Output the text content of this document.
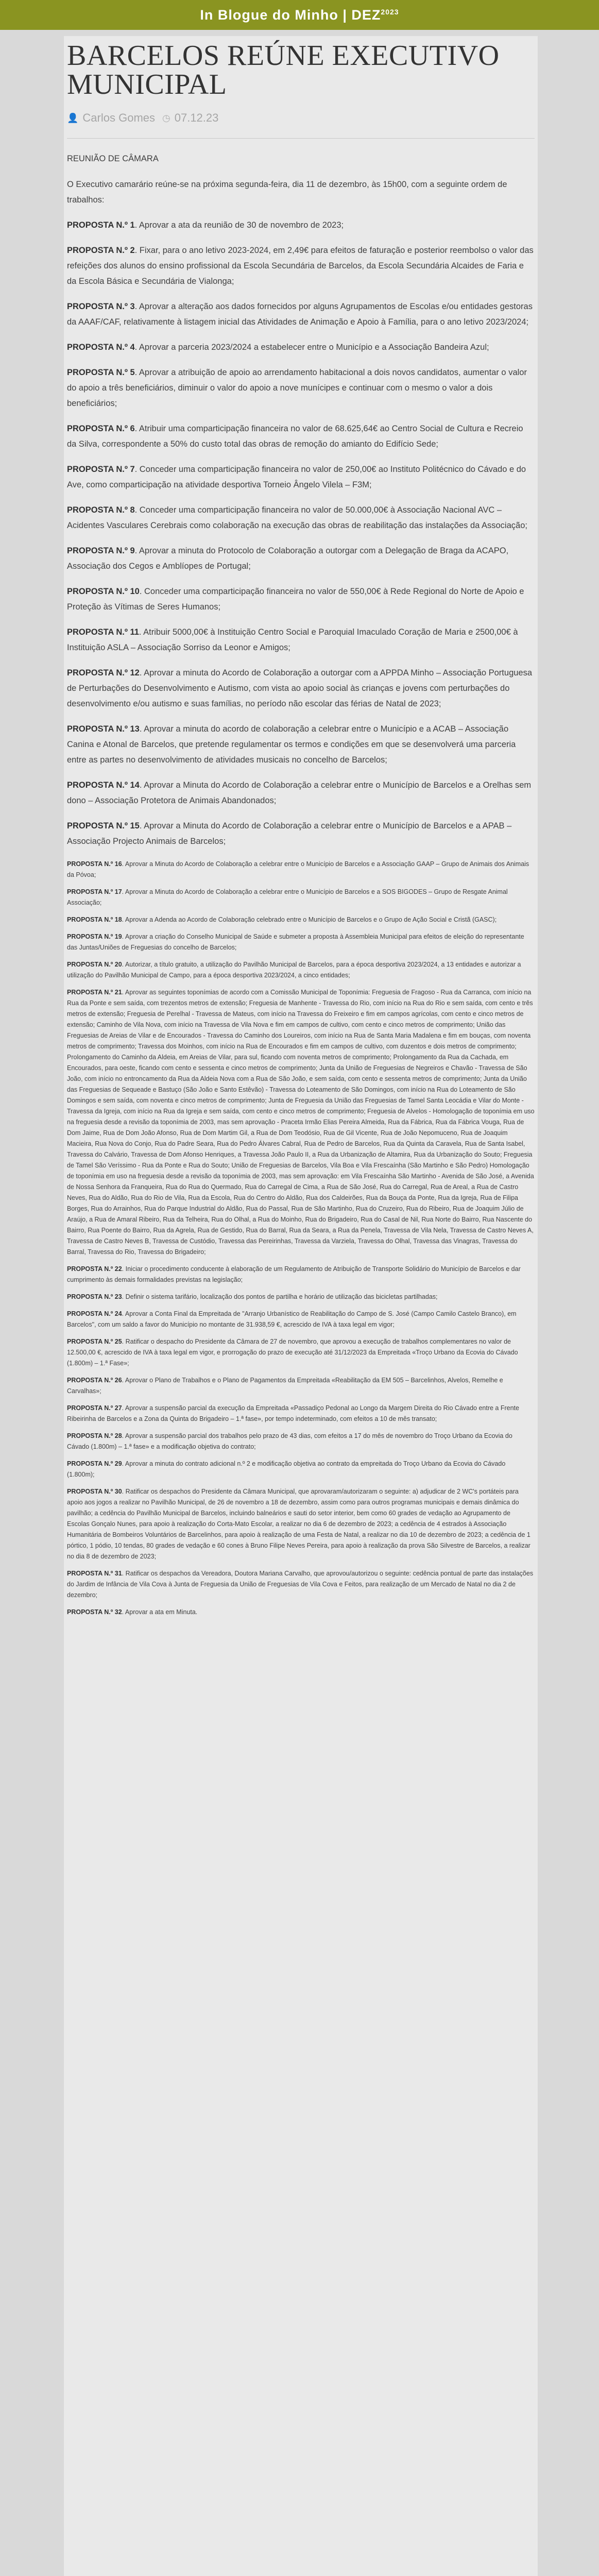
In Blogue do Minho | $DEZ^{2023}$
BARCELOS REÚNE EXECUTIVO MUNICIPAL
👤 Carlos Gomes ◷ 07.12.23

REUNIÃO DE CÂMARA

O Executivo camarário reúne-se na próxima segunda-feira, dia 11 de dezembro, às 15h00, com a seguinte ordem de trabalhos:

PROPOSTA N.º 1. Aprovar a ata da reunião de 30 de novembro de 2023;

PROPOSTA N.º 2. Fixar, para o ano letivo 2023-2024, em 2,49€ para efeitos de faturação e posterior reembolso o valor das refeições dos alunos do ensino profissional da Escola Secundária de Barcelos, da Escola Secundária Alcaides de Faria e da Escola Básica e Secundária de Vialonga;

PROPOSTA N.º 3. Aprovar a alteração aos dados fornecidos por alguns Agrupamentos de Escolas e/ou entidades gestoras da AAAF/CAF, relativamente à listagem inicial das Atividades de Animação e Apoio à Família, para o ano letivo 2023/2024;

PROPOSTA N.º 4. Aprovar a parceria 2023/2024 a estabelecer entre o Município e a Associação Bandeira Azul;

PROPOSTA N.º 5. Aprovar a atribuição de apoio ao arrendamento habitacional a dois novos candidatos, aumentar o valor do apoio a três beneficiários, diminuir o valor do apoio a nove munícipes e continuar com o mesmo o valor a dois beneficiários;

PROPOSTA N.º 6. Atribuir uma comparticipação financeira no valor de 68.625,64€ ao Centro Social de Cultura e Recreio da Silva, correspondente a 50% do custo total das obras de remoção do amianto do Edifício Sede;

PROPOSTA N.º 7. Conceder uma comparticipação financeira no valor de 250,00€ ao Instituto Politécnico do Cávado e do Ave, como comparticipação na atividade desportiva Torneio Ângelo Vilela – F3M;

PROPOSTA N.º 8. Conceder uma comparticipação financeira no valor de 50.000,00€ à Associação Nacional AVC – Acidentes Vasculares Cerebrais como colaboração na execução das obras de reabilitação das instalações da Associação;

PROPOSTA N.º 9. Aprovar a minuta do Protocolo de Colaboração a outorgar com a Delegação de Braga da ACAPO, Associação dos Cegos e Amblíopes de Portugal;

PROPOSTA N.º 10. Conceder uma comparticipação financeira no valor de 550,00€ à Rede Regional do Norte de Apoio e Proteção às Vítimas de Seres Humanos;

PROPOSTA N.º 11. Atribuir 5000,00€ à Instituição Centro Social e Paroquial Imaculado Coração de Maria e 2500,00€ à Instituição ASLA – Associação Sorriso da Leonor e Amigos;

PROPOSTA N.º 12. Aprovar a minuta do Acordo de Colaboração a outorgar com a APPDA Minho – Associação Portuguesa de Perturbações do Desenvolvimento e Autismo, com vista ao apoio social às crianças e jovens com perturbações do desenvolvimento e/ou autismo e suas famílias, no período não escolar das férias de Natal de 2023;

PROPOSTA N.º 13. Aprovar a minuta do acordo de colaboração a celebrar entre o Município e a ACAB – Associação Canina e Atonal de Barcelos, que pretende regulamentar os termos e condições em que se desenvolverá uma parceria entre as partes no desenvolvimento de atividades musicais no concelho de Barcelos;

PROPOSTA N.º 14. Aprovar a Minuta do Acordo de Colaboração a celebrar entre o Município de Barcelos e a Orelhas sem dono – Associação Protetora de Animais Abandonados;

PROPOSTA N.º 15. Aprovar a Minuta do Acordo de Colaboração a celebrar entre o Município de Barcelos e a APAB – Associação Projecto Animais de Barcelos;

PROPOSTA N.º 16. Aprovar a Minuta do Acordo de Colaboração a celebrar entre o Município de Barcelos e a Associação GAAP – Grupo de Animais dos Animais da Póvoa;

PROPOSTA N.º 17. Aprovar a Minuta do Acordo de Colaboração a celebrar entre o Município de Barcelos e a SOS BIGODES – Grupo de Resgate Animal Associação;

PROPOSTA N.º 18. Aprovar a Adenda ao Acordo de Colaboração celebrado entre o Município de Barcelos e o Grupo de Ação Social e Cristã (GASC);

PROPOSTA N.º 19. Aprovar a criação do Conselho Municipal de Saúde e submeter a proposta à Assembleia Municipal para efeitos de eleição do representante das Juntas/Uniões de Freguesias do concelho de Barcelos;

PROPOSTA N.º 20. Autorizar, a título gratuito, a utilização do Pavilhão Municipal de Barcelos, para a época desportiva 2023/2024, a 13 entidades e autorizar a utilização do Pavilhão Municipal de Campo, para a época desportiva 2023/2024, a cinco entidades;

PROPOSTA N.º 21. Aprovar as seguintes toponímias de acordo com a Comissão Municipal de Toponímia: Freguesia de Fragoso - Rua da Carranca, com início na Rua da Ponte e sem saída, com trezentos metros de extensão; Freguesia de Manhente - Travessa do Rio, com início na Rua do Rio e sem saída, com cento e três metros de extensão; Freguesia de Perelhal - Travessa de Mateus, com início na Travessa do Freixeiro e fim em campos agrícolas, com cento e cinco metros de extensão; Caminho de Vila Nova, com início na Travessa de Vila Nova e fim em campos de cultivo, com cento e cinco metros de comprimento; União das Freguesias de Areias de Vilar e de Encourados - Travessa do Caminho dos Loureiros, com início na Rua de Santa Maria Madalena e fim em bouças, com noventa metros de comprimento; Travessa dos Moinhos, com início na Rua de Encourados e fim em campos de cultivo, com duzentos e dois metros de comprimento; Prolongamento do Caminho da Aldeia, em Areias de Vilar, para sul, ficando com noventa metros de comprimento; Prolongamento da Rua da Cachada, em Encourados, para oeste, ficando com cento e sessenta e cinco metros de comprimento; Junta da União de Freguesias de Negreiros e Chavão - Travessa de São João, com início no entroncamento da Rua da Aldeia Nova com a Rua de São João, e sem saída, com cento e sessenta metros de comprimento; Junta da União das Freguesias de Sequeade e Bastuço (São João e Santo Estêvão) - Travessa do Loteamento de São Domingos, com início na Rua do Loteamento de São Domingos e sem saída, com noventa e cinco metros de comprimento; Junta de Freguesia da União das Freguesias de Tamel Santa Leocádia e Vilar do Monte - Travessa da Igreja, com início na Rua da Igreja e sem saída, com cento e cinco metros de comprimento; Freguesia de Alvelos - Homologação de toponímia em uso na freguesia desde a revisão da toponímia de 2003, mas sem aprovação - Praceta Irmão Elias Pereira Almeida, Rua da Fábrica, Rua da Fábrica Vouga, Rua de Dom Jaime, Rua de Dom João Afonso, Rua de Dom Martim Gil, a Rua de Dom Teodósio, Rua de Gil Vicente, Rua de João Nepomuceno, Rua de Joaquim Macieira, Rua Nova do Conjo, Rua do Padre Seara, Rua do Pedro Álvares Cabral, Rua de Pedro de Barcelos, Rua da Quinta da Caravela, Rua de Santa Isabel, Travessa do Calvário, Travessa de Dom Afonso Henriques, a Travessa João Paulo II, a Rua da Urbanização de Altamira, Rua da Urbanização do Souto; Freguesia de Tamel São Veríssimo - Rua da Ponte e Rua do Souto; União de Freguesias de Barcelos, Vila Boa e Vila Frescaínha (São Martinho e São Pedro) Homologação de toponímia em uso na freguesia desde a revisão da toponímia de 2003, mas sem aprovação: em Vila Frescaínha São Martinho - Avenida de São José, a Avenida de Nossa Senhora da Franqueira, Rua do Rua do Quermado, Rua do Carregal de Cima, a Rua de São José, Rua do Carregal, Rua de Areal, a Rua de Castro Neves, Rua do Aldão, Rua do Rio de Vila, Rua da Escola, Rua do Centro do Aldão, Rua dos Caldeirões, Rua da Bouça da Ponte, Rua da Igreja, Rua de Filipa Borges, Rua do Arrainhos, Rua do Parque Industrial do Aldão, Rua do Passal, Rua de São Martinho, Rua do Cruzeiro, Rua do Ribeiro, Rua de Joaquim Júlio de Araújo, a Rua de Amaral Ribeiro, Rua da Telheira, Rua do Olhal, a Rua do Moinho, Rua do Brigadeiro, Rua do Casal de Nil, Rua Norte do Bairro, Rua Nascente do Bairro, Rua Poente do Bairro, Rua da Agrela, Rua de Gestido, Rua do Barral, Rua da Seara, a Rua da Penela, Travessa de Vila Nela, Travessa de Castro Neves A, Travessa de Castro Neves B, Travessa de Custódio, Travessa das Pereirinhas, Travessa da Varziela, Travessa do Olhal, Travessa das Vinagras, Travessa do Barral, Travessa do Rio, Travessa do Brigadeiro;

PROPOSTA N.º 22. Iniciar o procedimento conducente à elaboração de um Regulamento de Atribuição de Transporte Solidário do Município de Barcelos e dar cumprimento às demais formalidades previstas na legislação;

PROPOSTA N.º 23. Definir o sistema tarifário, localização dos pontos de partilha e horário de utilização das bicicletas partilhadas;

PROPOSTA N.º 24. Aprovar a Conta Final da Empreitada de "Arranjo Urbanístico de Reabilitação do Campo de S. José (Campo Camilo Castelo Branco), em Barcelos", com um saldo a favor do Município no montante de 31.938,59 €, acrescido de IVA à taxa legal em vigor;

PROPOSTA N.º 25. Ratificar o despacho do Presidente da Câmara de 27 de novembro, que aprovou a execução de trabalhos complementares no valor de 12.500,00 €, acrescido de IVA à taxa legal em vigor, e prorrogação do prazo de execução até 31/12/2023 da Empreitada «Troço Urbano da Ecovia do Cávado (1.800m) – 1.ª Fase»;

PROPOSTA N.º 26. Aprovar o Plano de Trabalhos e o Plano de Pagamentos da Empreitada «Reabilitação da EM 505 – Barcelinhos, Alvelos, Remelhe e Carvalhas»;

PROPOSTA N.º 27. Aprovar a suspensão parcial da execução da Empreitada «Passadiço Pedonal ao Longo da Margem Direita do Rio Cávado entre a Frente Ribeirinha de Barcelos e a Zona da Quinta do Brigadeiro – 1.ª fase», por tempo indeterminado, com efeitos a 10 de mês transato;

PROPOSTA N.º 28. Aprovar a suspensão parcial dos trabalhos pelo prazo de 43 dias, com efeitos a 17 do mês de novembro do Troço Urbano da Ecovia do Cávado (1.800m) – 1.ª fase» e a modificação objetiva do contrato;

PROPOSTA N.º 29. Aprovar a minuta do contrato adicional n.º 2 e modificação objetiva ao contrato da empreitada do Troço Urbano da Ecovia do Cávado (1.800m);

PROPOSTA N.º 30. Ratificar os despachos do Presidente da Câmara Municipal, que aprovaram/autorizaram o seguinte: a) adjudicar de 2 WC's portáteis para apoio aos jogos a realizar no Pavilhão Municipal, de 26 de novembro a 18 de dezembro, assim como para outros programas municipais e demais dinâmica do pavilhão; a cedência do Pavilhão Municipal de Barcelos, incluindo balneários e sauti do setor interior, bem como 60 grades de vedação ao Agrupamento de Escolas Gonçalo Nunes, para apoio à realização do Corta-Mato Escolar, a realizar no dia 6 de dezembro de 2023; a cedência de 4 estrados à Associação Humanitária de Bombeiros Voluntários de Barcelinhos, para apoio à realização de uma Festa de Natal, a realizar no dia 10 de dezembro de 2023; a cedência de 1 pórtico, 1 pódio, 10 tendas, 80 grades de vedação e 60 cones à Bruno Filipe Neves Pereira, para apoio à realização da prova São Silvestre de Barcelos, a realizar no dia 8 de dezembro de 2023;

PROPOSTA N.º 31. Ratificar os despachos da Vereadora, Doutora Mariana Carvalho, que aprovou/autorizou o seguinte: cedência pontual de parte das instalações do Jardim de Infância de Vila Cova à Junta de Freguesia da União de Freguesias de Vila Cova e Feitos, para realização de um Mercado de Natal no dia 2 de dezembro;

PROPOSTA N.º 32. Aprovar a ata em Minuta.
